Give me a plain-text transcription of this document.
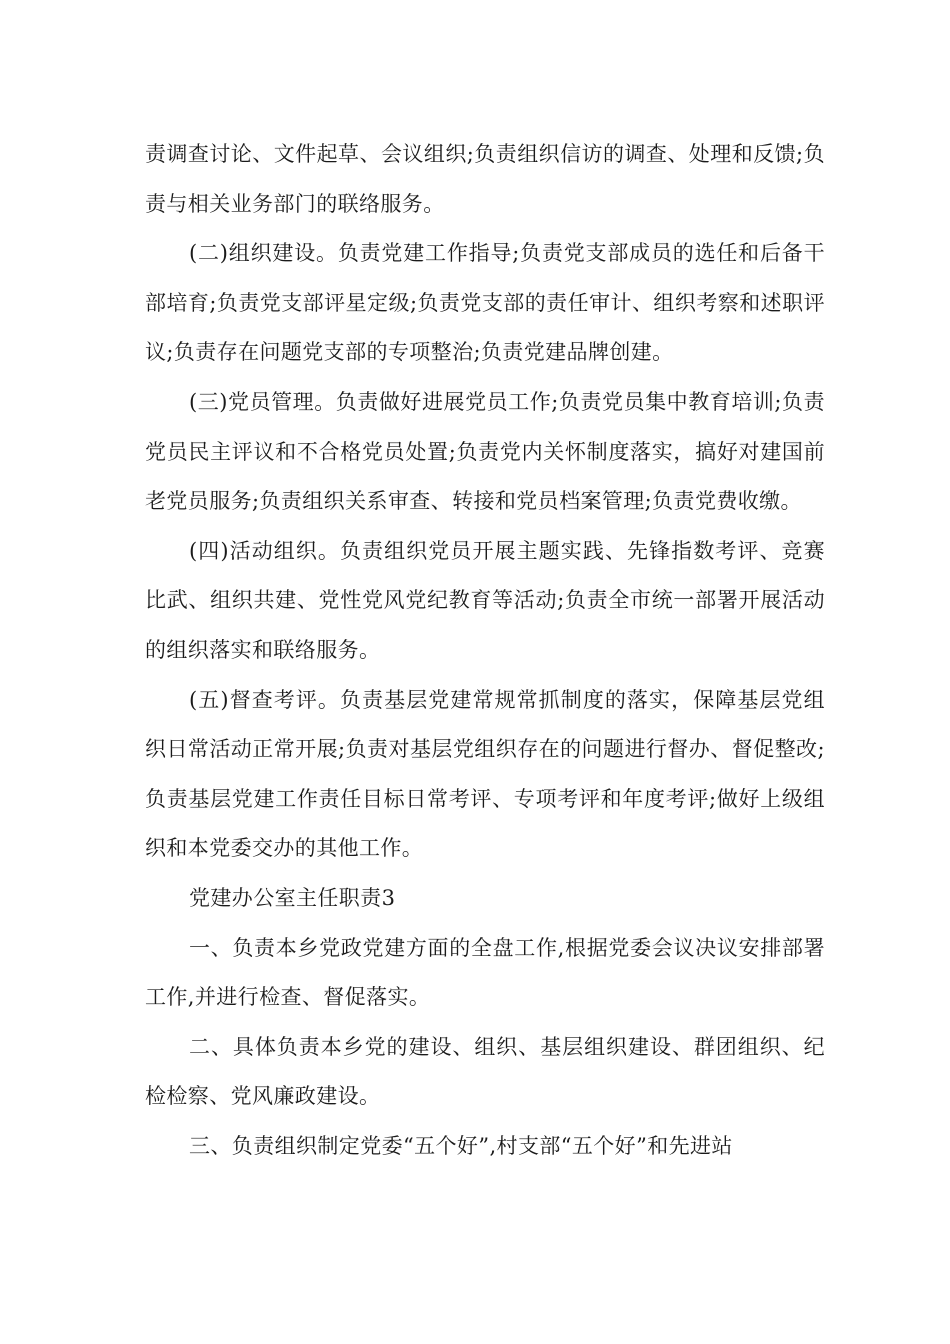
责调查讨论、文件起草、会议组织;负责组织信访的调查、处理和反馈;负责与相关业务部门的联络服务。

(二)组织建设。负责党建工作指导;负责党支部成员的选任和后备干部培育;负责党支部评星定级;负责党支部的责任审计、组织考察和述职评议;负责存在问题党支部的专项整治;负责党建品牌创建。

(三)党员管理。负责做好进展党员工作;负责党员集中教育培训;负责党员民主评议和不合格党员处置;负责党内关怀制度落实，搞好对建国前老党员服务;负责组织关系审查、转接和党员档案管理;负责党费收缴。

(四)活动组织。负责组织党员开展主题实践、先锋指数考评、竞赛比武、组织共建、党性党风党纪教育等活动;负责全市统一部署开展活动的组织落实和联络服务。

(五)督查考评。负责基层党建常规常抓制度的落实，保障基层党组织日常活动正常开展;负责对基层党组织存在的问题进行督办、督促整改;负责基层党建工作责任目标日常考评、专项考评和年度考评;做好上级组织和本党委交办的其他工作。

党建办公室主任职责3

一、负责本乡党政党建方面的全盘工作,根据党委会议决议安排部署工作,并进行检查、督促落实。

二、具体负责本乡党的建设、组织、基层组织建设、群团组织、纪检检察、党风廉政建设。

三、负责组织制定党委“五个好”,村支部“五个好”和先进站
